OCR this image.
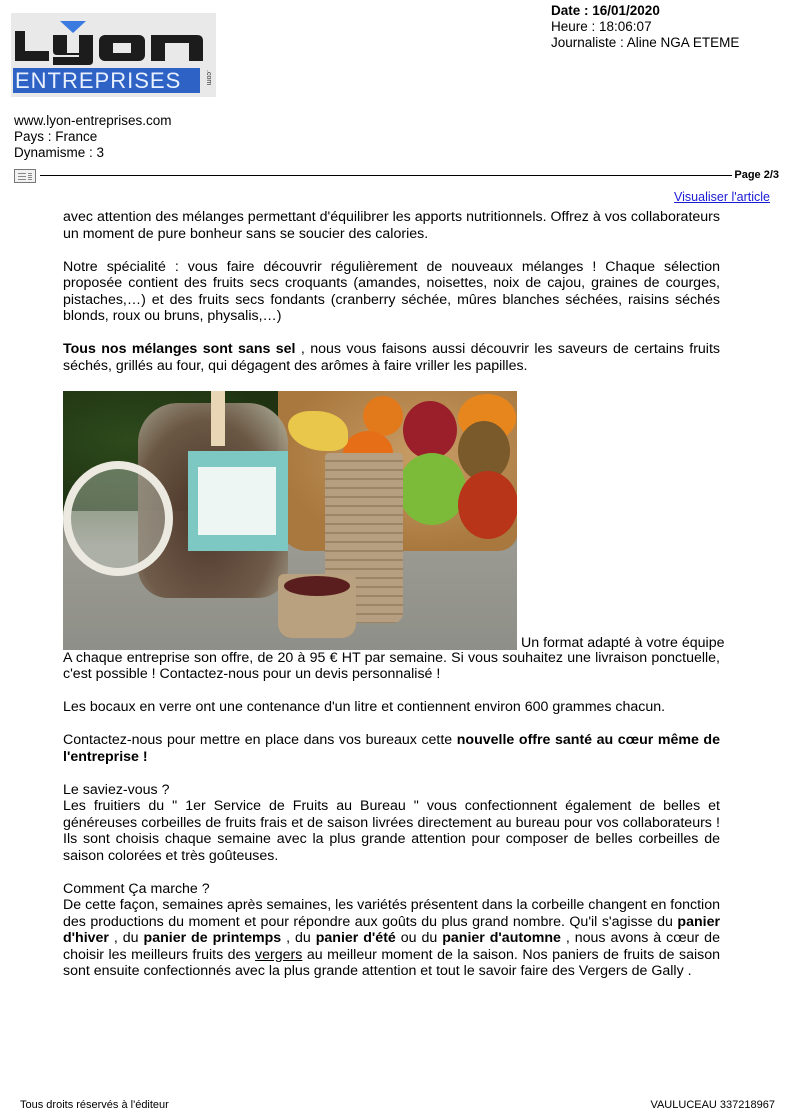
ENTREPRISES	.com
www.lyon-entreprises.com
Pays : France
Dynamisme : 3
Date : 16/01/2020
Heure : 18:06:07
Journaliste : Aline NGA ETEME
Page 2/3
Visualiser l'article

avec attention des mélanges permettant d'équilibrer les apports nutritionnels. Offrez à vos collaborateurs un moment de pure bonheur sans se soucier des calories.

Notre spécialité : vous faire découvrir régulièrement de nouveaux mélanges ! Chaque sélection proposée contient des fruits secs croquants (amandes, noisettes, noix de cajou, graines de courges, pistaches,…) et des fruits secs fondants (cranberry séchée, mûres blanches séchées, raisins séchés blonds, roux ou bruns, physalis,…)

Tous nos mélanges sont sans sel , nous vous faisons aussi découvrir les saveurs de certains fruits séchés, grillés au four, qui dégagent des arômes à faire vriller les papilles.

Un format adapté à votre équipe

A chaque entreprise son offre, de 20 à 95 € HT par semaine. Si vous souhaitez une livraison ponctuelle, c'est possible ! Contactez-nous pour un devis personnalisé !

Les bocaux en verre ont une contenance d'un litre et contiennent environ 600 grammes chacun.

Contactez-nous pour mettre en place dans vos bureaux cette nouvelle offre santé au cœur même de l'entreprise !

Le saviez-vous ?
Les fruitiers du " 1er Service de Fruits au Bureau " vous confectionnent également de belles et généreuses corbeilles de fruits frais et de saison livrées directement au bureau pour vos collaborateurs ! Ils sont choisis chaque semaine avec la plus grande attention pour composer de belles corbeilles de saison colorées et très goûteuses.

Comment Ça marche ?
De cette façon, semaines après semaines, les variétés présentent dans la corbeille changent en fonction des productions du moment et pour répondre aux goûts du plus grand nombre. Qu'il s'agisse du panier d'hiver , du panier de printemps , du panier d'été ou du panier d'automne , nous avons à cœur de choisir les meilleurs fruits des vergers au meilleur moment de la saison. Nos paniers de fruits de saison sont ensuite confectionnés avec la plus grande attention et tout le savoir faire des Vergers de Gally .

Tous droits réservés à l'éditeur	VAULUCEAU 337218967
